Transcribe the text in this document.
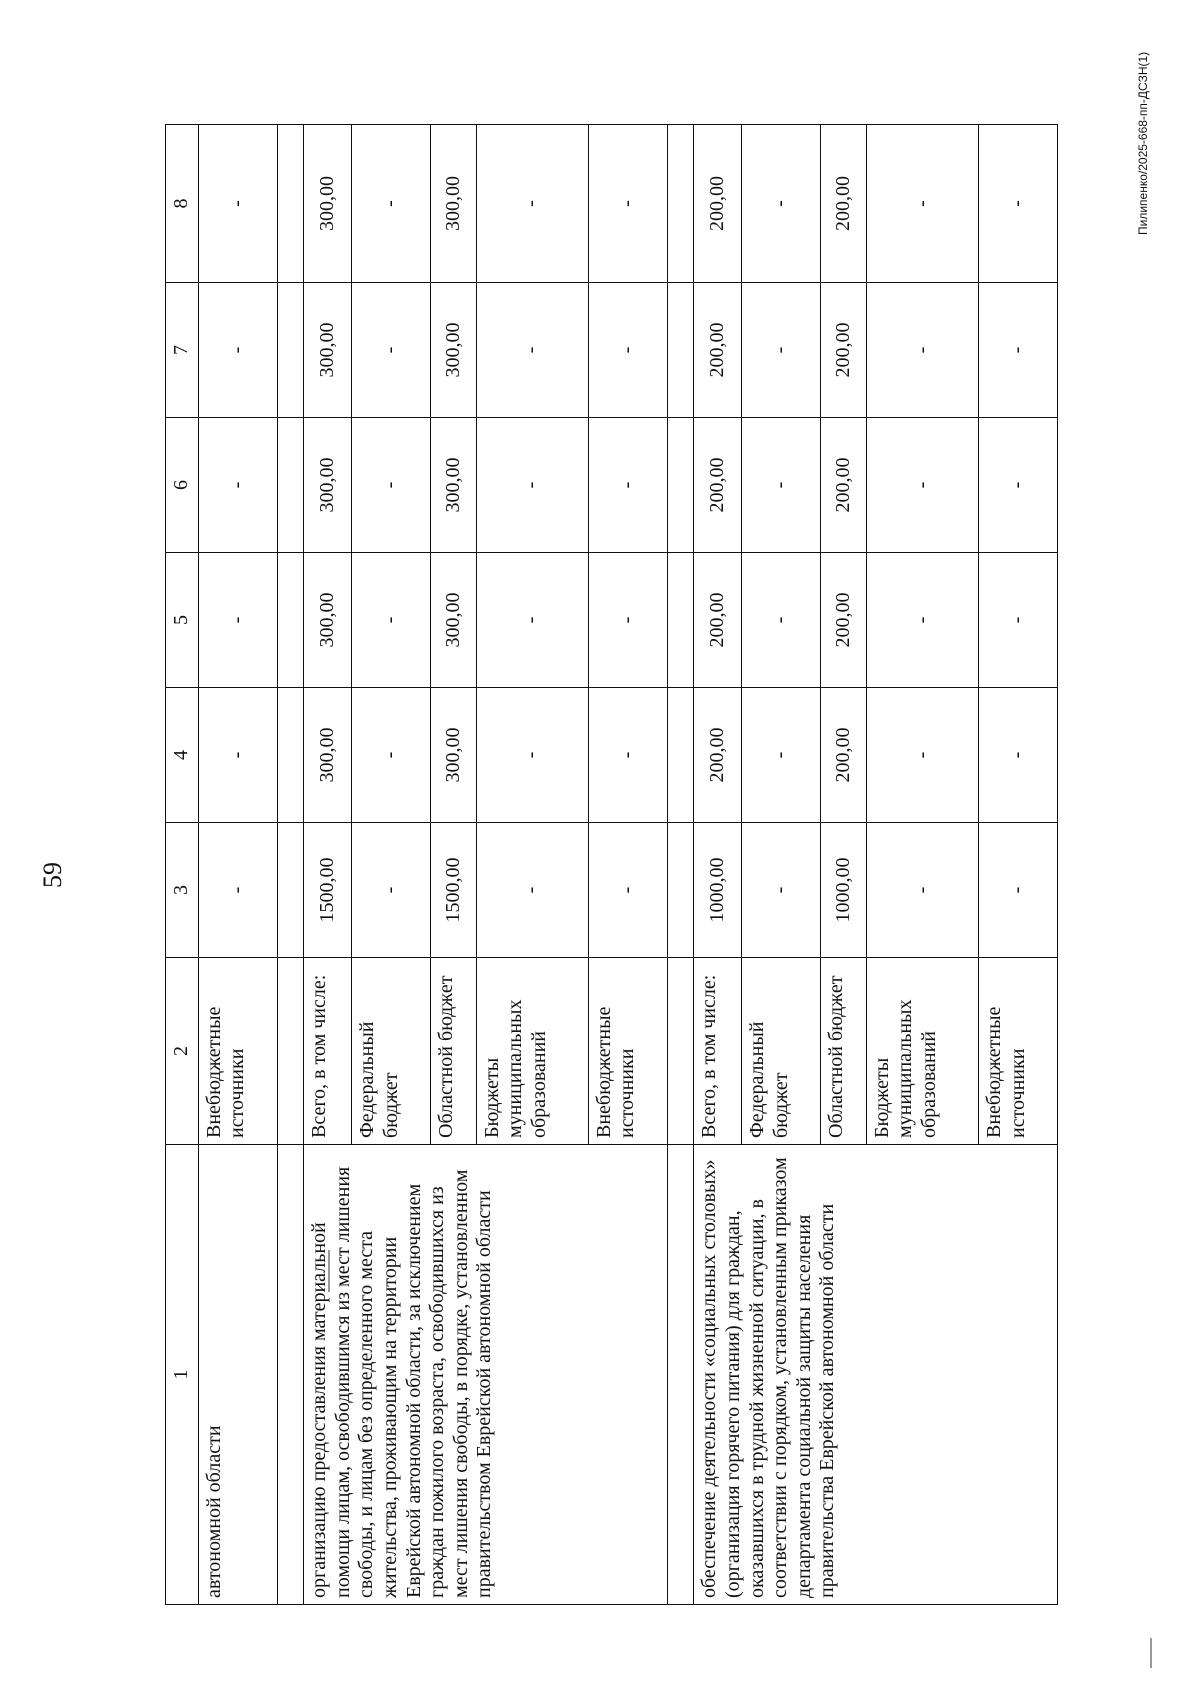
59
Пилипенко/2025-668-пп-ДСЗН(1)
1	2	3	4	5	6	7	8
автономной области	Внебюджетные источники	-	-	-	-	-	-

организацию предоставления материальной помощи лицам, освободившимся из мест лишения свободы, и лицам без определенного места жительства, проживающим на территории Еврейской автономной области, за исключением граждан пожилого возраста, освободившихся из мест лишения свободы, в порядке, установленном правительством Еврейской автономной области	Всего, в том числе:	1500,00	300,00	300,00	300,00	300,00	300,00
	Федеральный бюджет	-	-	-	-	-	-
	Областной бюджет	1500,00	300,00	300,00	300,00	300,00	300,00
	Бюджеты муниципальных образований	-	-	-	-	-	-
	Внебюджетные источники	-	-	-	-	-	-

обеспечение деятельности «социальных столовых» (организация горячего питания) для граждан, оказавшихся в трудной жизненной ситуации, в соответствии с порядком, установленным приказом департамента социальной защиты населения правительства Еврейской автономной области	Всего, в том числе:	1000,00	200,00	200,00	200,00	200,00	200,00
	Федеральный бюджет	-	-	-	-	-	-
	Областной бюджет	1000,00	200,00	200,00	200,00	200,00	200,00
	Бюджеты муниципальных образований	-	-	-	-	-	-
	Внебюджетные источники	-	-	-	-	-	-
